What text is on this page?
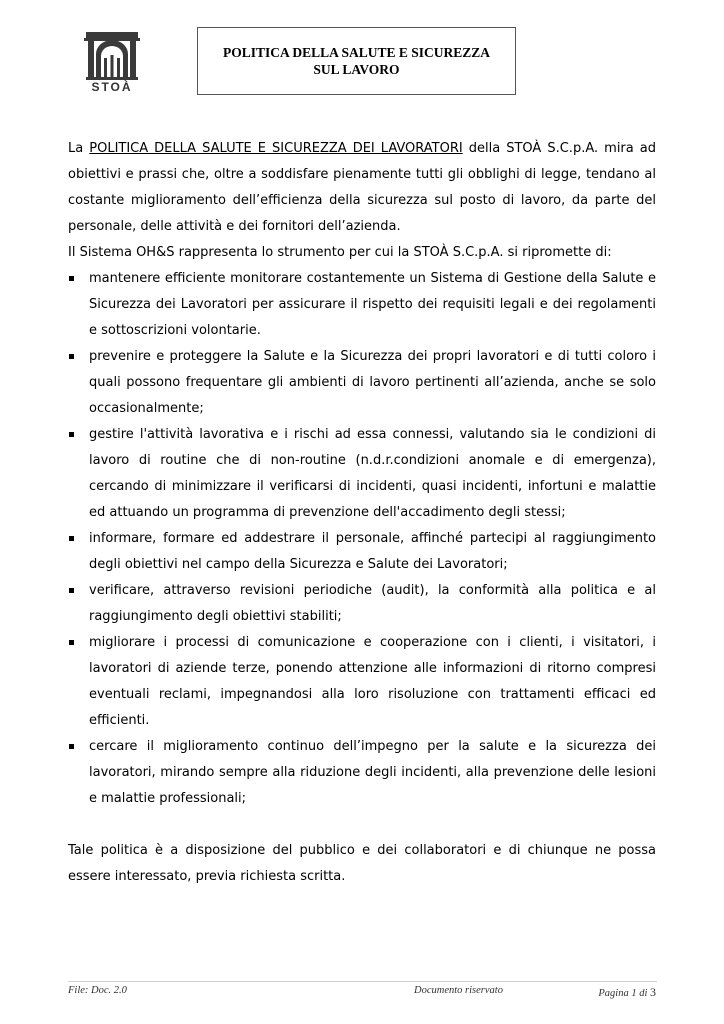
STOÀ
POLITICA DELLA SALUTE E SICUREZZA
SUL LAVORO

La POLITICA DELLA SALUTE E SICUREZZA DEI LAVORATORI della STOÀ S.C.p.A. mira ad obiettivi e prassi che, oltre a soddisfare pienamente tutti gli obblighi di legge, tendano al costante miglioramento dell’efficienza della sicurezza sul posto di lavoro, da parte del personale, delle attività e dei fornitori dell’azienda.

Il Sistema OH&S rappresenta lo strumento per cui la STOÀ S.C.p.A. si ripromette di:

mantenere efficiente monitorare costantemente un Sistema di Gestione della Salute e Sicurezza dei Lavoratori per assicurare il rispetto dei requisiti legali e dei regolamenti e sottoscrizioni volontarie.
prevenire e proteggere la Salute e la Sicurezza dei propri lavoratori e di tutti coloro i quali possono frequentare gli ambienti di lavoro pertinenti all’azienda, anche se solo occasionalmente;
gestire l'attività lavorativa e i rischi ad essa connessi, valutando sia le condizioni di lavoro di routine che di non-routine (n.d.r.condizioni anomale e di emergenza), cercando di minimizzare il verificarsi di incidenti, quasi incidenti, infortuni e malattie ed attuando un programma di prevenzione dell'accadimento degli stessi;
informare, formare ed addestrare il personale, affinché partecipi al raggiungimento degli obiettivi nel campo della Sicurezza e Salute dei Lavoratori;
verificare, attraverso revisioni periodiche (audit), la conformità alla politica e al raggiungimento degli obiettivi stabiliti;
migliorare i processi di comunicazione e cooperazione con i clienti, i visitatori, i lavoratori di aziende terze, ponendo attenzione alle informazioni di ritorno compresi eventuali reclami, impegnandosi alla loro risoluzione con trattamenti efficaci ed efficienti.
cercare il miglioramento continuo dell’impegno per la salute e la sicurezza dei lavoratori, mirando sempre alla riduzione degli incidenti, alla prevenzione delle lesioni e malattie professionali;

Tale politica è a disposizione del pubblico e dei collaboratori e di chiunque ne possa essere interessato, previa richiesta scritta.

File: Doc. 2.0	Documento riservato	Pagina 1 di 3
